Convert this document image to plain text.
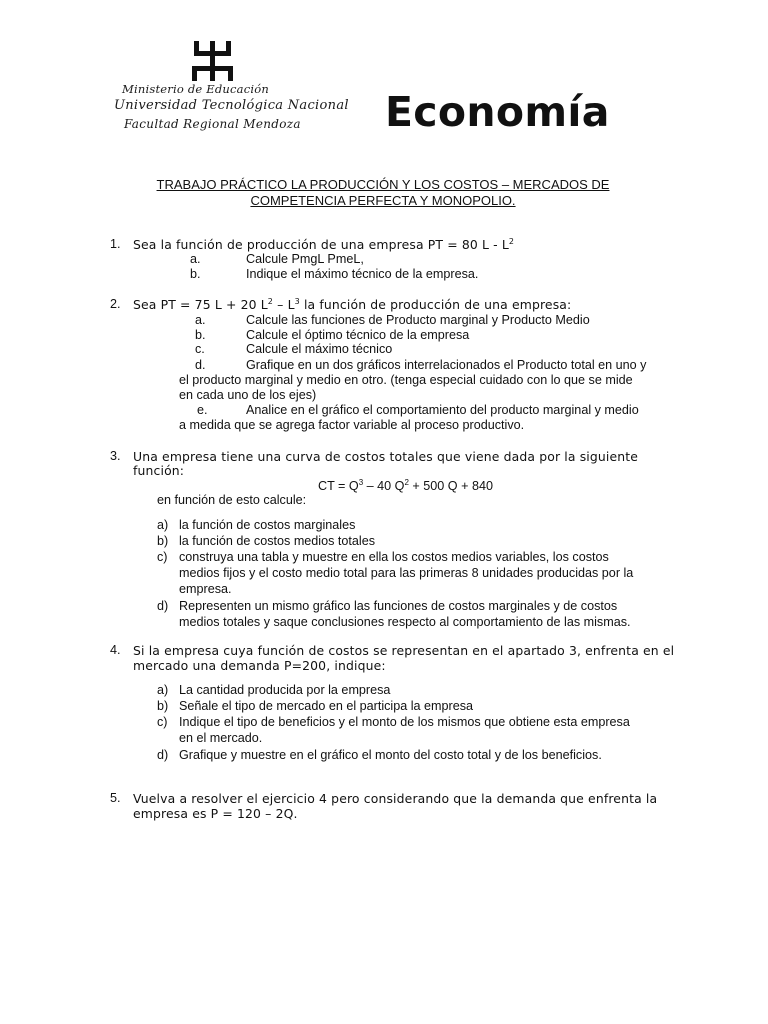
Ministerio de Educación
Universidad Tecnológica Nacional
Facultad Regional Mendoza Economía
TRABAJO PRÁCTICO LA PRODUCCIÓN Y LOS COSTOS – MERCADOS DE
COMPETENCIA PERFECTA Y MONOPOLIO.
1. Sea la función de producción de una empresa PT = 80 L - $L^2$
a.	Calcule PmgL PmeL,
b.	Indique el máximo técnico de la empresa.
2. Sea PT = 75 L + 20 $L^2 - L^3$ la función de producción de una empresa:
a.	Calcule las funciones de Producto marginal y Producto Medio
b.	Calcule el óptimo técnico de la empresa
c.	Calcule el máximo técnico
d.	Grafique en un dos gráficos interrelacionados el Producto total en uno y
el producto marginal y medio en otro. (tenga especial cuidado con lo que se mide
en cada uno de los ejes)
e.	Analice en el gráfico el comportamiento del producto marginal y medio
a medida que se agrega factor variable al proceso productivo.
3. Una empresa tiene una curva de costos totales que viene dada por la siguiente
función:
CT = $Q^3 - 40$ $Q^2 + 500$ Q + 840
en función de esto calcule:
a) la función de costos marginales
b) la función de costos medios totales
c) construya una tabla y muestre en ella los costos medios variables, los costos
medios fijos y el costo medio total para las primeras 8 unidades producidas por la
empresa.
d) Representen un mismo gráfico las funciones de costos marginales y de costos
medios totales y saque conclusiones respecto al comportamiento de las mismas.
4. Si la empresa cuya función de costos se representan en el apartado 3, enfrenta en el
mercado una demanda P=200, indique:
a) La cantidad producida por la empresa
b) Señale el tipo de mercado en el participa la empresa
c) Indique el tipo de beneficios y el monto de los mismos que obtiene esta empresa
en el mercado.
d) Grafique y muestre en el gráfico el monto del costo total y de los beneficios.
5. Vuelva a resolver el ejercicio 4 pero considerando que la demanda que enfrenta la
empresa es P = 120 – 2Q.
